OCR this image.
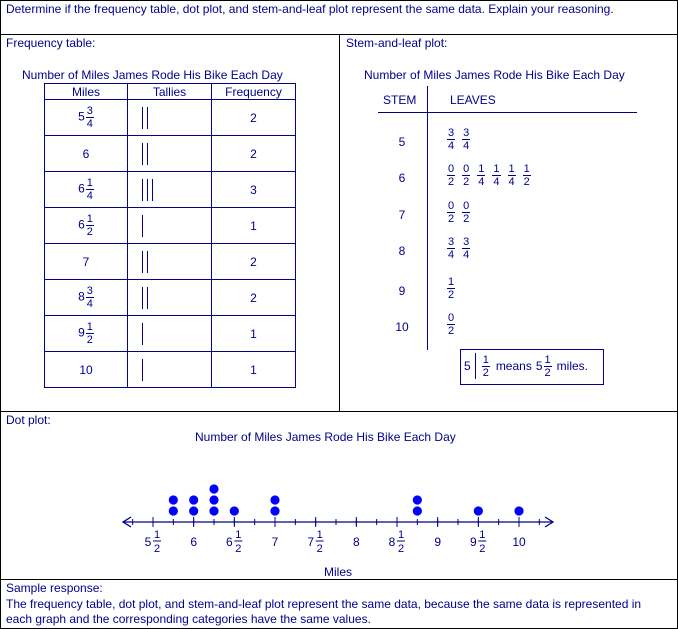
Determine if the frequency table, dot plot, and stem-and-leaf plot represent the same data. Explain your reasoning.
Frequency table:
Number of Miles James Rode His Bike Each Day
Miles	Tallies	Frequency
$5 \frac{3}{4}$		2
6		2
$6 \frac{1}{4}$		3
$6 \frac{1}{2}$		1
7		2
$8 \frac{3}{4}$		2
$9 \frac{1}{2}$		1
10		1
Stem-and-leaf plot:
Number of Miles James Rode His Bike Each Day
STEM	LEAVES
5	$\frac{3}{4} \frac{3}{4}$
6	$\frac{0}{2} \frac{0}{2} \frac{1}{4} \frac{1}{4} \frac{1}{4} \frac{1}{2}$
7	$\frac{0}{2} \frac{0}{2}$
8	$\frac{3}{4} \frac{3}{4}$
9	$\frac{1}{2}$
10	$\frac{0}{2}$
$5 \frac{1}{2}$ means $5 \frac{1}{2}$ miles.
Dot plot:
Number of Miles James Rode His Bike Each Day
5 1
2	6 6 1
2	7 7 1
2	8 8 1
2	9 9 1
2 10
Miles
Sample response:
The frequency table, dot plot, and stem-and-leaf plot represent the same data, because the same data is represented in each graph and the corresponding categories have the same values.
